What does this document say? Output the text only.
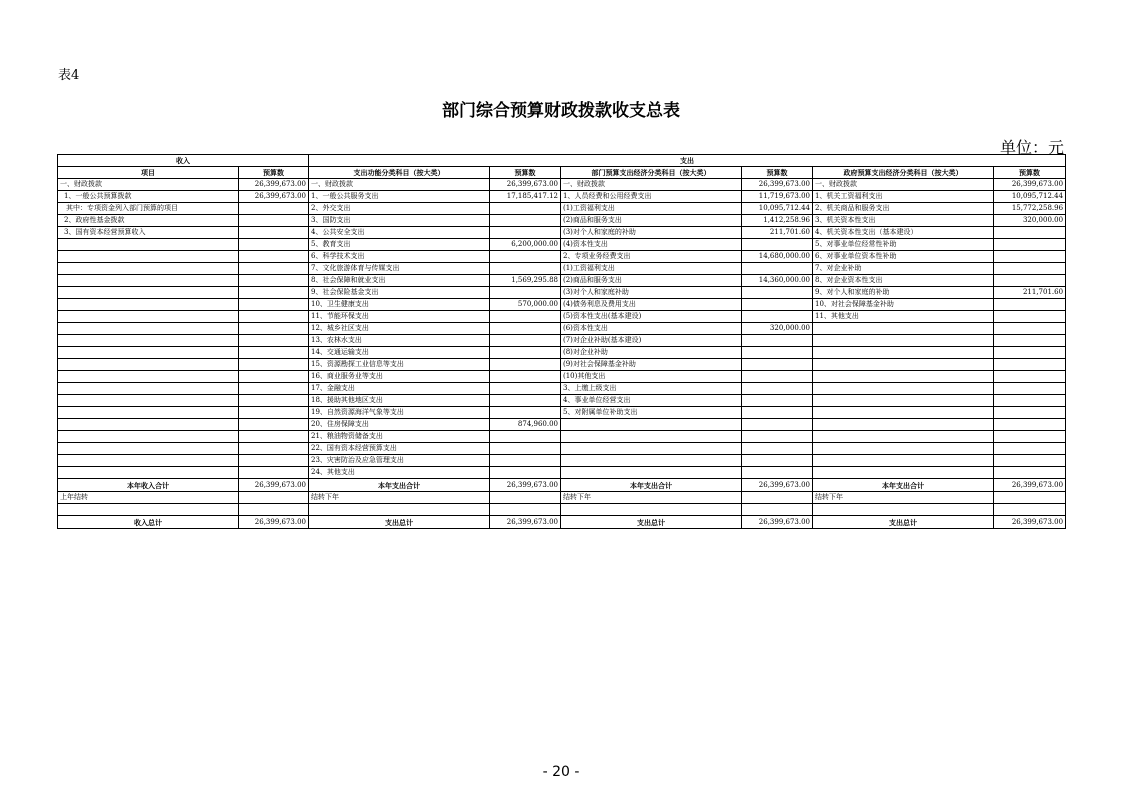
表4
部门综合预算财政拨款收支总表
单位：元
收入		支出					
项目	预算数	支出功能分类科目（按大类）	预算数	部门预算支出经济分类科目（按大类）	预算数	政府预算支出经济分类科目（按大类）	预算数
一、财政拨款	26,399,673.00	一、财政拨款	26,399,673.00	一、财政拨款	26,399,673.00	一、财政拨款	26,399,673.00
1、一般公共预算拨款	26,399,673.00	1、一般公共服务支出	17,185,417.12	1、人员经费和公用经费支出	11,719,673.00	1、机关工资福利支出	10,095,712.44
其中：专项资金列入部门预算的项目		2、外交支出		(1)工资福利支出	10,095,712.44	2、机关商品和服务支出	15,772,258.96
2、政府性基金拨款		3、国防支出		(2)商品和服务支出	1,412,258.96	3、机关资本性支出	320,000.00
3、国有资本经营预算收入		4、公共安全支出		(3)对个人和家庭的补助	211,701.60	4、机关资本性支出（基本建设）	
		5、教育支出	6,200,000.00	(4)资本性支出		5、对事业单位经常性补助	
		6、科学技术支出		2、专项业务经费支出	14,680,000.00	6、对事业单位资本性补助	
		7、文化旅游体育与传媒支出		(1)工资福利支出		7、对企业补助	
		8、社会保障和就业支出	1,569,295.88	(2)商品和服务支出	14,360,000.00	8、对企业资本性支出	
		9、社会保险基金支出		(3)对个人和家庭补助		9、对个人和家庭的补助	211,701.60
		10、卫生健康支出	570,000.00	(4)债务利息及费用支出		10、对社会保障基金补助	
		11、节能环保支出		(5)资本性支出(基本建设)		11、其他支出	
		12、城乡社区支出		(6)资本性支出	320,000.00		
		13、农林水支出		(7)对企业补助(基本建设)			
		14、交通运输支出		(8)对企业补助			
		15、资源勘探工业信息等支出		(9)对社会保障基金补助			
		16、商业服务业等支出		(10)其他支出			
		17、金融支出		3、上缴上级支出			
		18、援助其他地区支出		4、事业单位经营支出			
		19、自然资源海洋气象等支出		5、对附属单位补助支出			
		20、住房保障支出	874,960.00				
		21、粮油物资储备支出					
		22、国有资本经营预算支出					
		23、灾害防治及应急管理支出					
		24、其他支出					
本年收入合计	26,399,673.00	本年支出合计	26,399,673.00	本年支出合计	26,399,673.00	本年支出合计	26,399,673.00
上年结转		结转下年		结转下年		结转下年	

收入总计	26,399,673.00	支出总计	26,399,673.00	支出总计	26,399,673.00	支出总计	26,399,673.00
- 20 -
